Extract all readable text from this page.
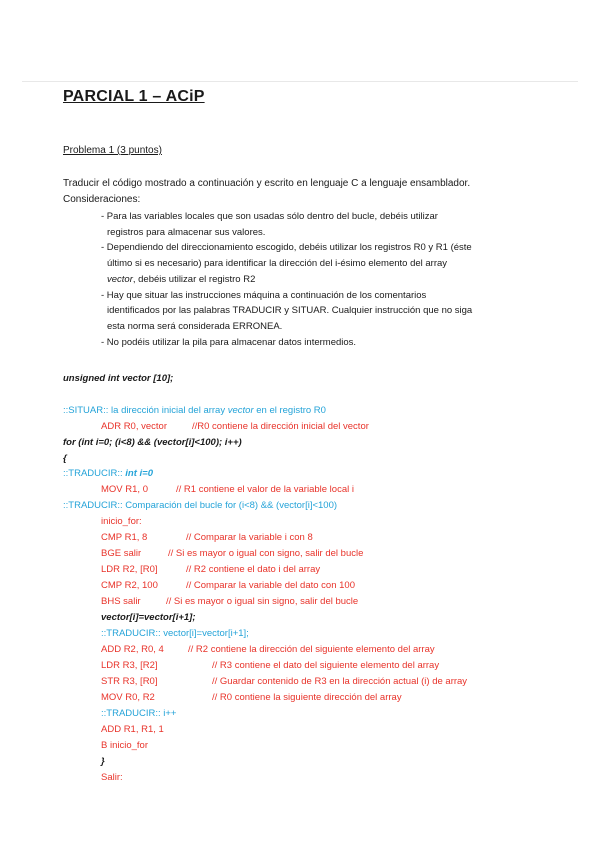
PARCIAL 1 – ACiP
Problema 1 (3 puntos)
Traducir el código mostrado a continuación y escrito en lenguaje C a lenguaje ensamblador.
Consideraciones:
- Para las variables locales que son usadas sólo dentro del bucle, debéis utilizar
registros para almacenar sus valores.
- Dependiendo del direccionamiento escogido, debéis utilizar los registros R0 y R1 (éste
último si es necesario) para identificar la dirección del i-ésimo elemento del array
vector, debéis utilizar el registro R2
- Hay que situar las instrucciones máquina a continuación de los comentarios
identificados por las palabras TRADUCIR y SITUAR. Cualquier instrucción que no siga
esta norma será considerada ERRONEA.
- No podéis utilizar la pila para almacenar datos intermedios.
unsigned int vector [10];
::SITUAR:: la dirección inicial del array vector en el registro R0
ADR R0, vector	//R0 contiene la dirección inicial del vector
for (int i=0; (i<8) && (vector[i]<100); i++)
{
::TRADUCIR:: int i=0
MOV R1, 0	// R1 contiene el valor de la variable local i
::TRADUCIR:: Comparación del bucle for (i<8) && (vector[i]<100)
inicio_for:
CMP R1, 8	// Comparar la variable i con 8
BGE salir	// Si es mayor o igual con signo, salir del bucle
LDR R2, [R0]	// R2 contiene el dato i del array
CMP R2, 100	// Comparar la variable del dato con 100
BHS salir	// Si es mayor o igual sin signo, salir del bucle
vector[i]=vector[i+1];
::TRADUCIR:: vector[i]=vector[i+1];
ADD R2, R0, 4	// R2 contiene la dirección del siguiente elemento del array
LDR R3, [R2]	// R3 contiene el dato del siguiente elemento del array
STR R3, [R0]	// Guardar contenido de R3 en la dirección actual (i) de array
MOV R0, R2	// R0 contiene la siguiente dirección del array
::TRADUCIR:: i++
ADD R1, R1, 1
B inicio_for
}
Salir:
